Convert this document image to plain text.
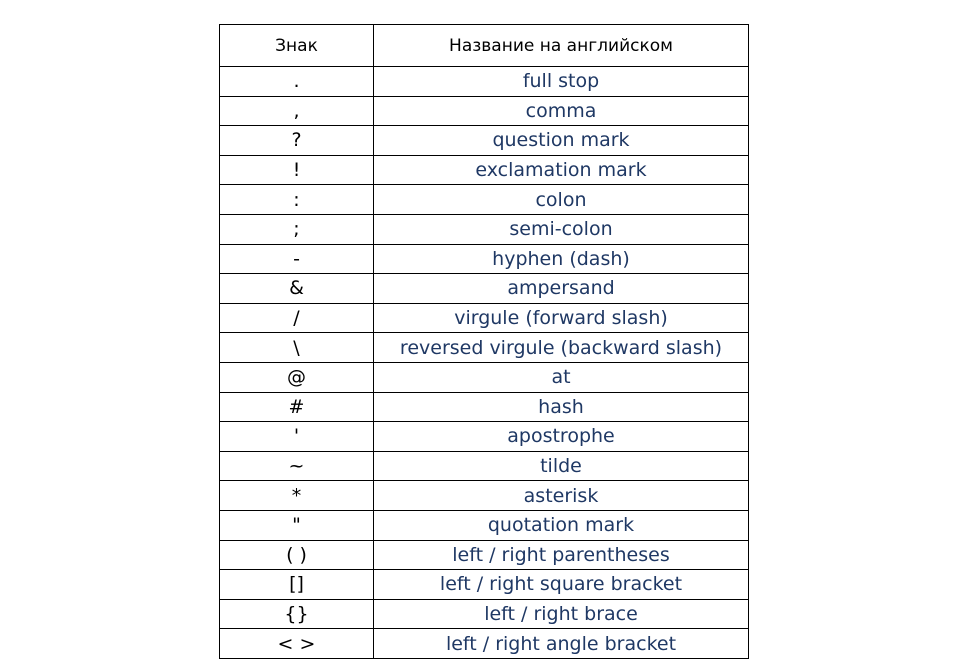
Знак	Название на английском
.	full stop
,	comma
?	question mark
!	exclamation mark
:	colon
;	semi-colon
-	hyphen (dash)
&	ampersand
/	virgule (forward slash)
\	reversed virgule (backward slash)
@	at
#	hash
'	apostrophe
~	tilde
*	asterisk
"	quotation mark
( )	left / right parentheses
[]	left / right square bracket
{}	left / right brace
< >	left / right angle bracket
